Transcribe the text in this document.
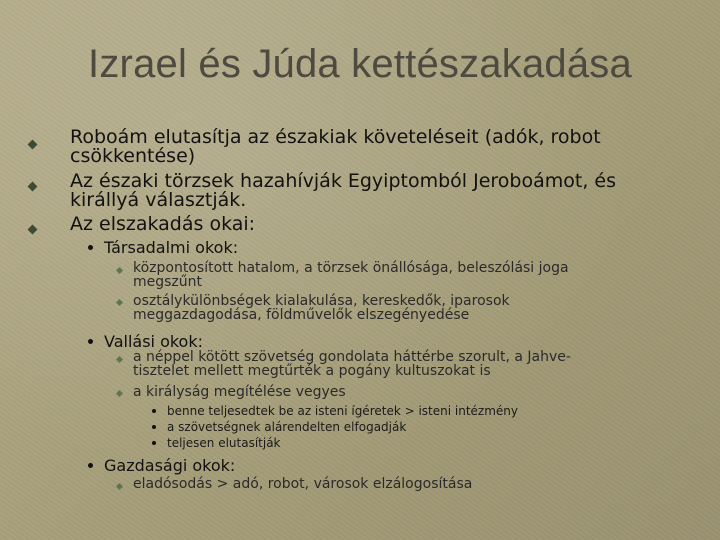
Izrael és Júda kettészakadása
Roboám elutasítja az északiak követeléseit (adók, robot
csökkentése)
Az északi törzsek hazahívják Egyiptomból Jeroboámot, és
királlyá választják.
Az elszakadás okai:
Társadalmi okok:
központosított hatalom, a törzsek önállósága, beleszólási joga
megszűnt
osztálykülönbségek kialakulása, kereskedők, iparosok
meggazdagodása, földművelők elszegényedése
Vallási okok:
a néppel kötött szövetség gondolata háttérbe szorult, a Jahve-
tisztelet mellett megtűrték a pogány kultuszokat is
a királyság megítélése vegyes
benne teljesedtek be az isteni ígéretek > isteni intézmény
a szövetségnek alárendelten elfogadják
teljesen elutasítják
Gazdasági okok:
eladósodás > adó, robot, városok elzálogosítása
